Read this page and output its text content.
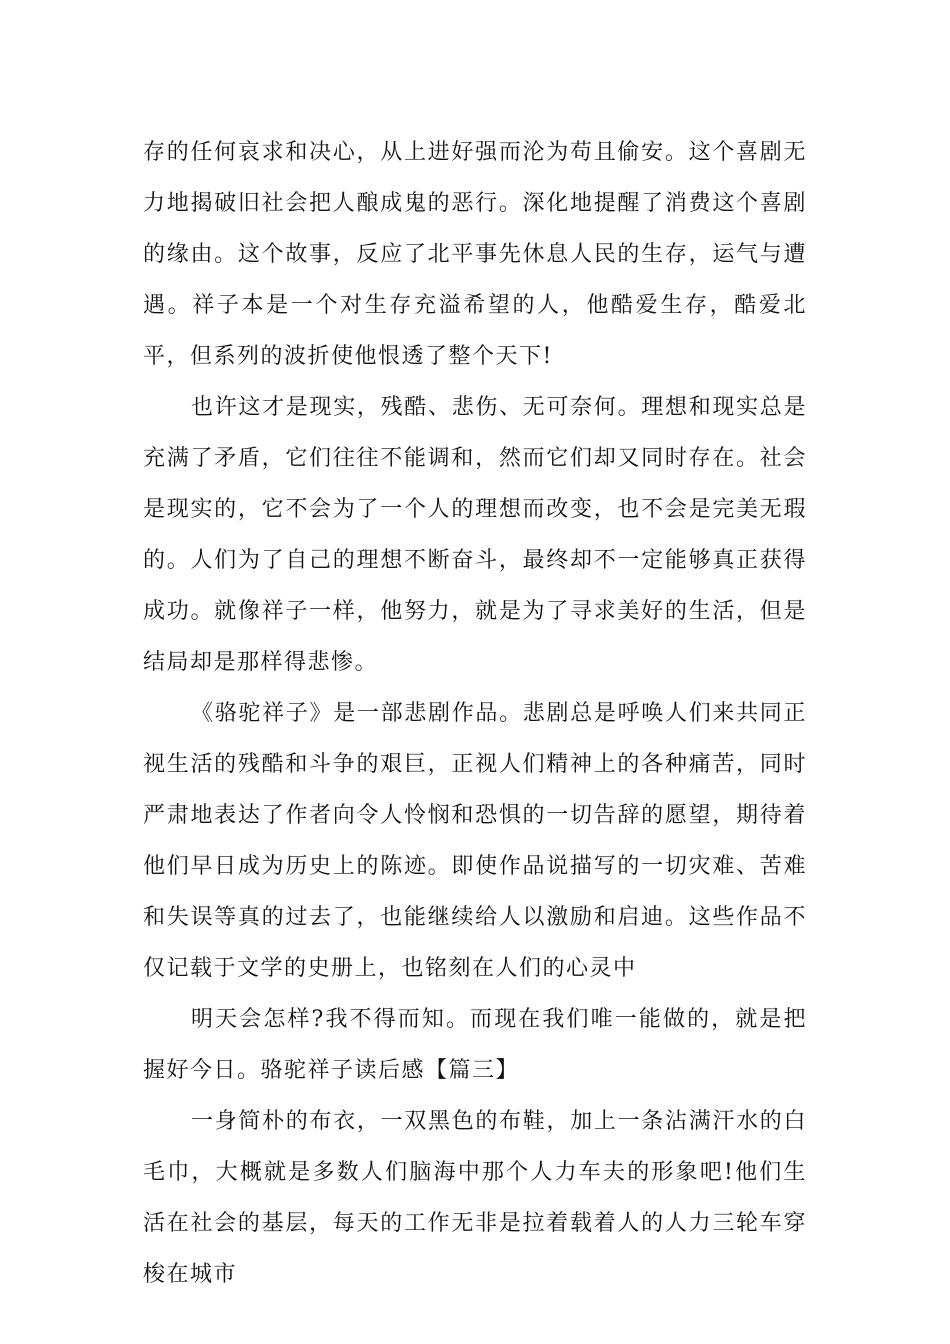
存的任何哀求和决心，从上进好强而沦为苟且偷安。这个喜剧无力地揭破旧社会把人酿成鬼的恶行。深化地提醒了消费这个喜剧的缘由。这个故事，反应了北平事先休息人民的生存，运气与遭遇。祥子本是一个对生存充溢希望的人，他酷爱生存，酷爱北平，但系列的波折使他恨透了整个天下!

也许这才是现实，残酷、悲伤、无可奈何。理想和现实总是充满了矛盾，它们往往不能调和，然而它们却又同时存在。社会是现实的，它不会为了一个人的理想而改变，也不会是完美无瑕的。人们为了自己的理想不断奋斗，最终却不一定能够真正获得成功。就像祥子一样，他努力，就是为了寻求美好的生活，但是结局却是那样得悲惨。

《骆驼祥子》是一部悲剧作品。悲剧总是呼唤人们来共同正视生活的残酷和斗争的艰巨，正视人们精神上的各种痛苦，同时严肃地表达了作者向令人怜悯和恐惧的一切告辞的愿望，期待着他们早日成为历史上的陈迹。即使作品说描写的一切灾难、苦难和失误等真的过去了，也能继续给人以激励和启迪。这些作品不仅记载于文学的史册上，也铭刻在人们的心灵中

明天会怎样?我不得而知。而现在我们唯一能做的，就是把握好今日。骆驼祥子读后感【篇三】

一身简朴的布衣，一双黑色的布鞋，加上一条沾满汗水的白毛巾，大概就是多数人们脑海中那个人力车夫的形象吧!他们生活在社会的基层，每天的工作无非是拉着载着人的人力三轮车穿梭在城市
